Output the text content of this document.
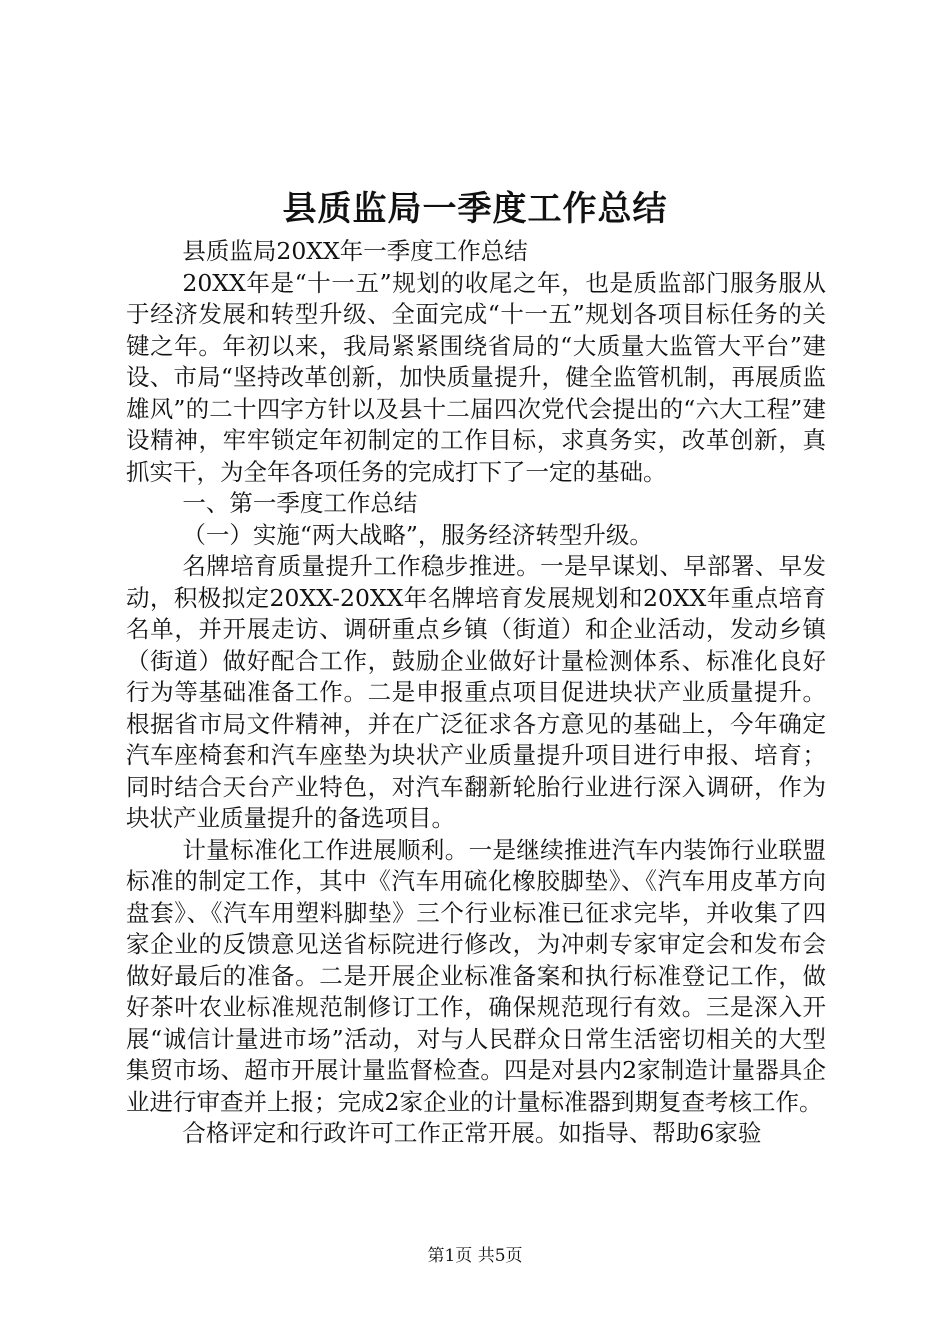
县质监局一季度工作总结

县质监局20XX年一季度工作总结

20XX年是“十一五”规划的收尾之年，也是质监部门服务服从于经济发展和转型升级、全面完成“十一五”规划各项目标任务的关键之年。年初以来，我局紧紧围绕省局的“大质量大监管大平台”建设、市局“坚持改革创新，加快质量提升，健全监管机制，再展质监雄风”的二十四字方针以及县十二届四次党代会提出的“六大工程”建设精神，牢牢锁定年初制定的工作目标，求真务实，改革创新，真抓实干，为全年各项任务的完成打下了一定的基础。

一、第一季度工作总结

（一）实施“两大战略”，服务经济转型升级。

名牌培育质量提升工作稳步推进。一是早谋划、早部署、早发动，积极拟定20XX-20XX年名牌培育发展规划和20XX年重点培育名单，并开展走访、调研重点乡镇（街道）和企业活动，发动乡镇（街道）做好配合工作，鼓励企业做好计量检测体系、标准化良好行为等基础准备工作。二是申报重点项目促进块状产业质量提升。根据省市局文件精神，并在广泛征求各方意见的基础上，今年确定汽车座椅套和汽车座垫为块状产业质量提升项目进行申报、培育；同时结合天台产业特色，对汽车翻新轮胎行业进行深入调研，作为块状产业质量提升的备选项目。

计量标准化工作进展顺利。一是继续推进汽车内装饰行业联盟标准的制定工作，其中《汽车用硫化橡胶脚垫》、《汽车用皮革方向盘套》、《汽车用塑料脚垫》三个行业标准已征求完毕，并收集了四家企业的反馈意见送省标院进行修改，为冲刺专家审定会和发布会做好最后的准备。二是开展企业标准备案和执行标准登记工作，做好茶叶农业标准规范制修订工作，确保规范现行有效。三是深入开展“诚信计量进市场”活动，对与人民群众日常生活密切相关的大型集贸市场、超市开展计量监督检查。四是对县内2家制造计量器具企业进行审查并上报；完成2家企业的计量标准器到期复查考核工作。

合格评定和行政许可工作正常开展。如指导、帮助6家验

第1页 共5页
